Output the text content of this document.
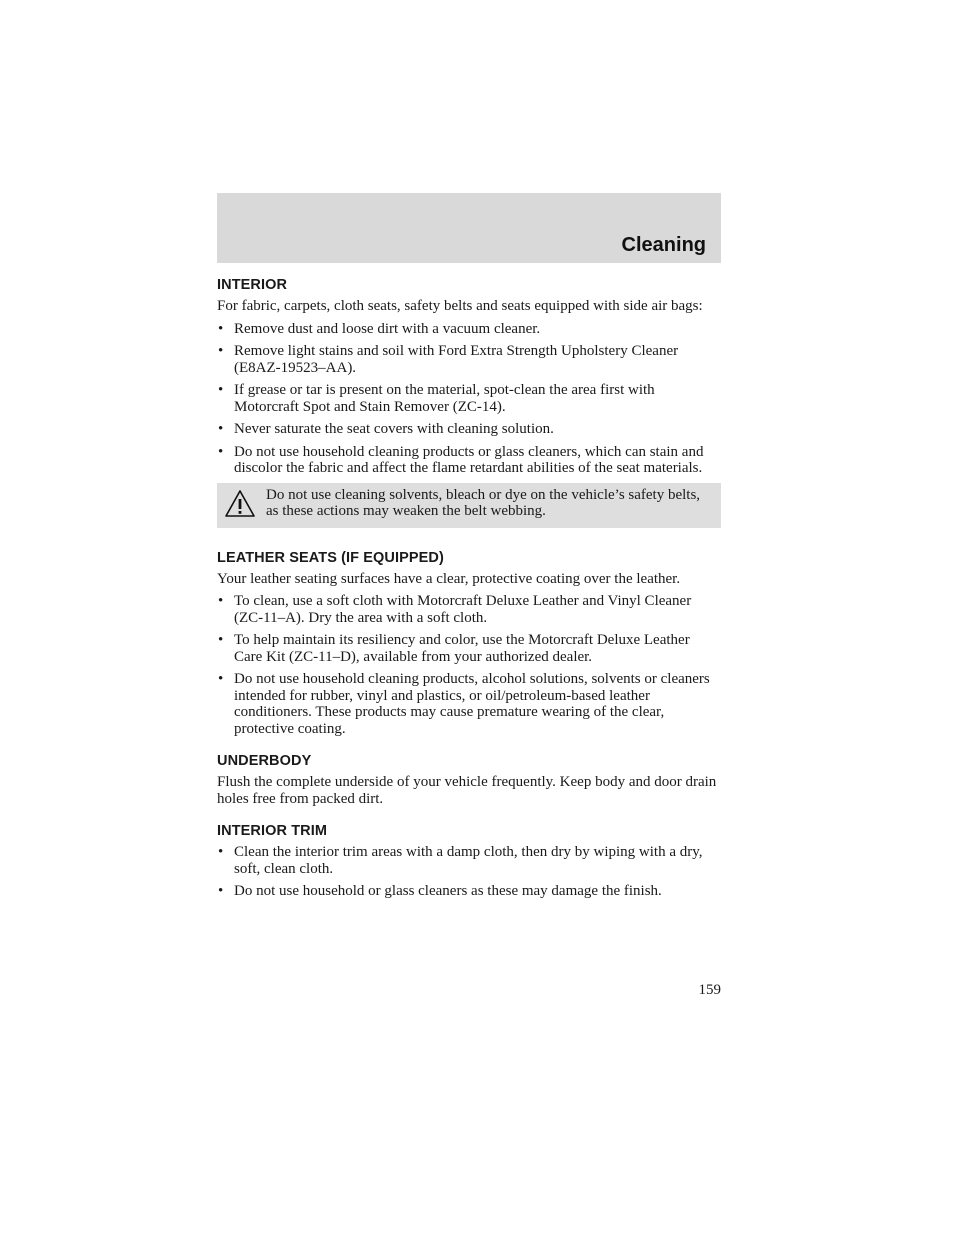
Cleaning
INTERIOR

For fabric, carpets, cloth seats, safety belts and seats equipped with side air bags:

• Remove dust and loose dirt with a vacuum cleaner.
• Remove light stains and soil with Ford Extra Strength Upholstery Cleaner (E8AZ-19523–AA).
• If grease or tar is present on the material, spot-clean the area first with Motorcraft Spot and Stain Remover (ZC-14).
• Never saturate the seat covers with cleaning solution.
• Do not use household cleaning products or glass cleaners, which can stain and discolor the fabric and affect the flame retardant abilities of the seat materials.
Do not use cleaning solvents, bleach or dye on the vehicle’s safety belts, as these actions may weaken the belt webbing.
LEATHER SEATS (IF EQUIPPED)

Your leather seating surfaces have a clear, protective coating over the leather.

• To clean, use a soft cloth with Motorcraft Deluxe Leather and Vinyl Cleaner (ZC-11–A). Dry the area with a soft cloth.
• To help maintain its resiliency and color, use the Motorcraft Deluxe Leather Care Kit (ZC-11–D), available from your authorized dealer.
• Do not use household cleaning products, alcohol solutions, solvents or cleaners intended for rubber, vinyl and plastics, or oil/petroleum-based leather conditioners. These products may cause premature wearing of the clear, protective coating.
UNDERBODY

Flush the complete underside of your vehicle frequently. Keep body and door drain holes free from packed dirt.

INTERIOR TRIM
• Clean the interior trim areas with a damp cloth, then dry by wiping with a dry, soft, clean cloth.
• Do not use household or glass cleaners as these may damage the finish.
159
